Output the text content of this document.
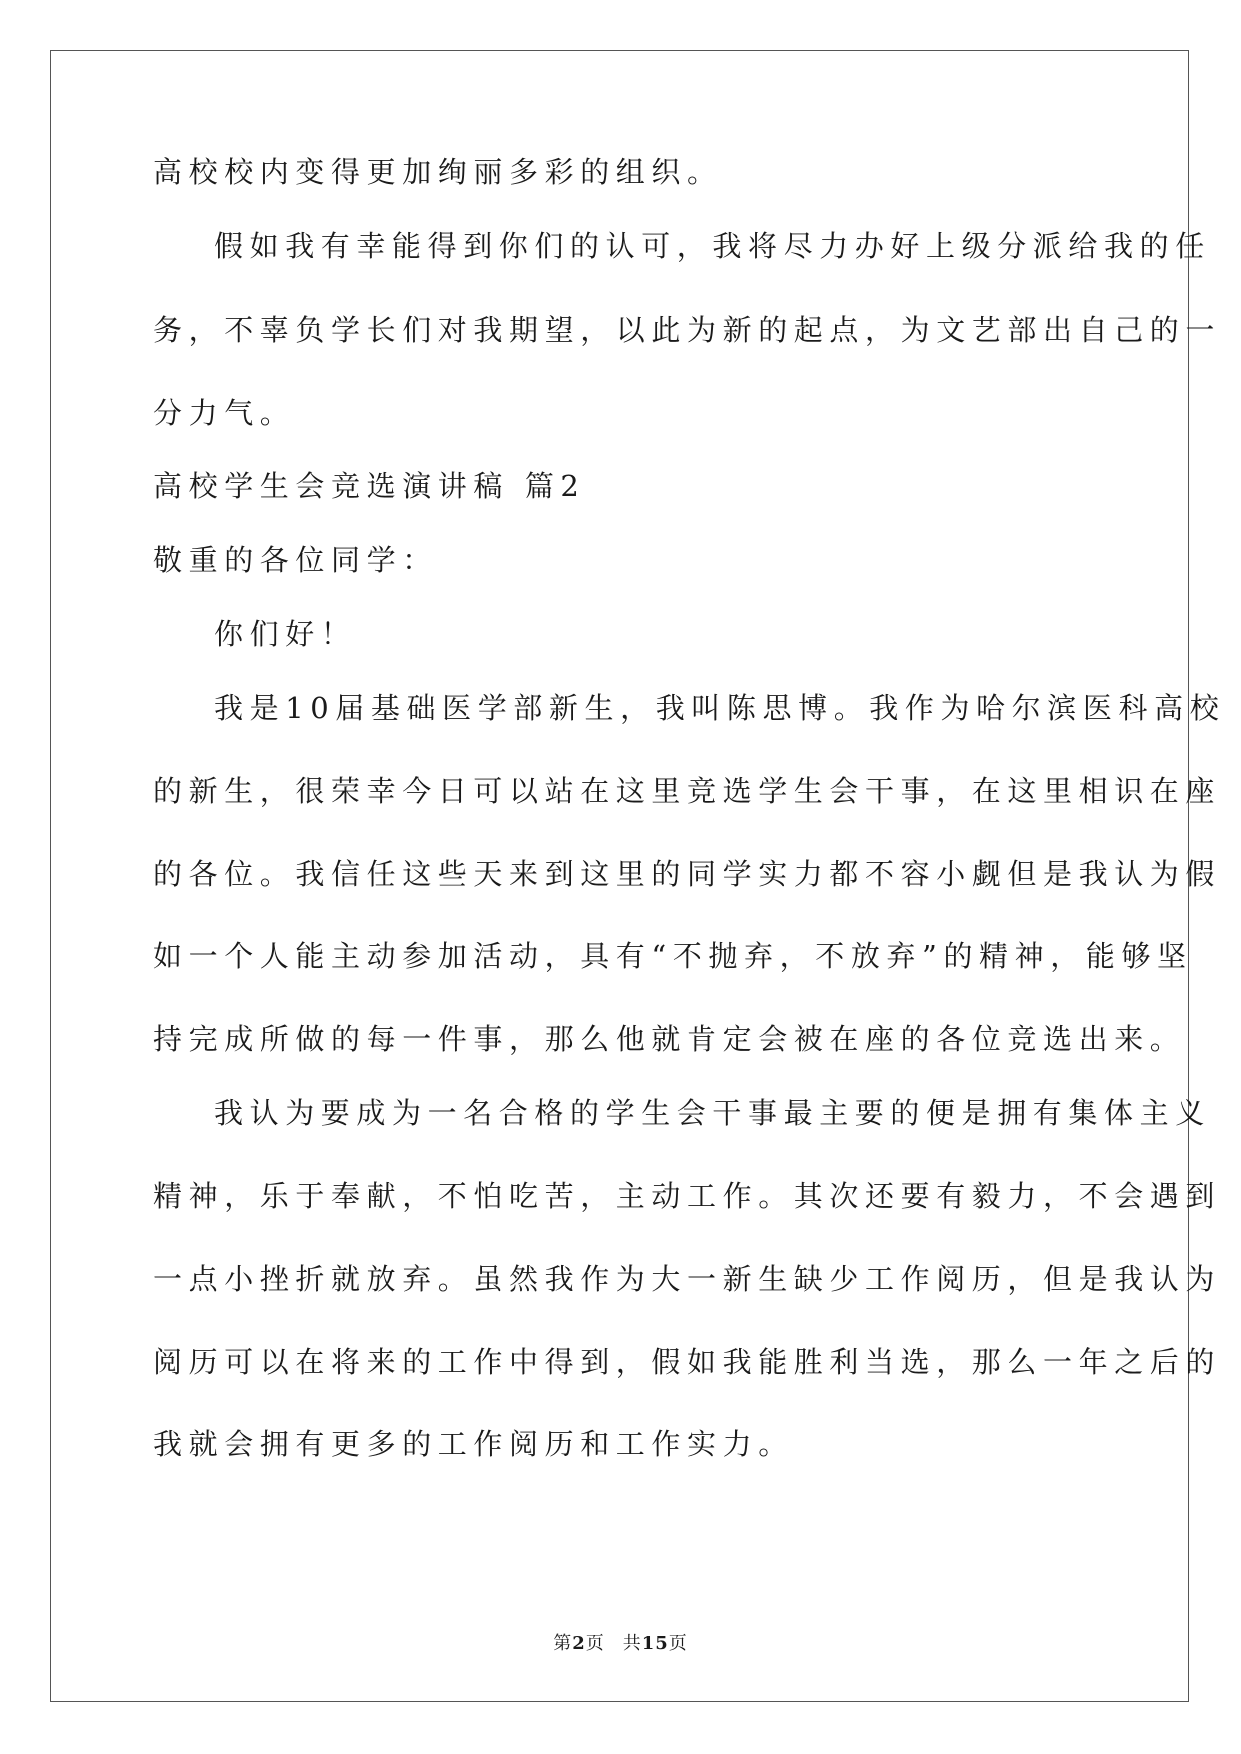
高校校内变得更加绚丽多彩的组织。
假如我有幸能得到你们的认可，我将尽力办好上级分派给我的任
务，不辜负学长们对我期望，以此为新的起点，为文艺部出自己的一
分力气。
高校学生会竞选演讲稿 篇2
敬重的各位同学：
你们好！
我是10届基础医学部新生，我叫陈思博。我作为哈尔滨医科高校
的新生，很荣幸今日可以站在这里竞选学生会干事，在这里相识在座
的各位。我信任这些天来到这里的同学实力都不容小觑但是我认为假
如一个人能主动参加活动，具有“不抛弃，不放弃”的精神，能够坚
持完成所做的每一件事，那么他就肯定会被在座的各位竞选出来。
我认为要成为一名合格的学生会干事最主要的便是拥有集体主义
精神，乐于奉献，不怕吃苦，主动工作。其次还要有毅力，不会遇到
一点小挫折就放弃。虽然我作为大一新生缺少工作阅历，但是我认为
阅历可以在将来的工作中得到，假如我能胜利当选，那么一年之后的
我就会拥有更多的工作阅历和工作实力。
第2页 共15页
